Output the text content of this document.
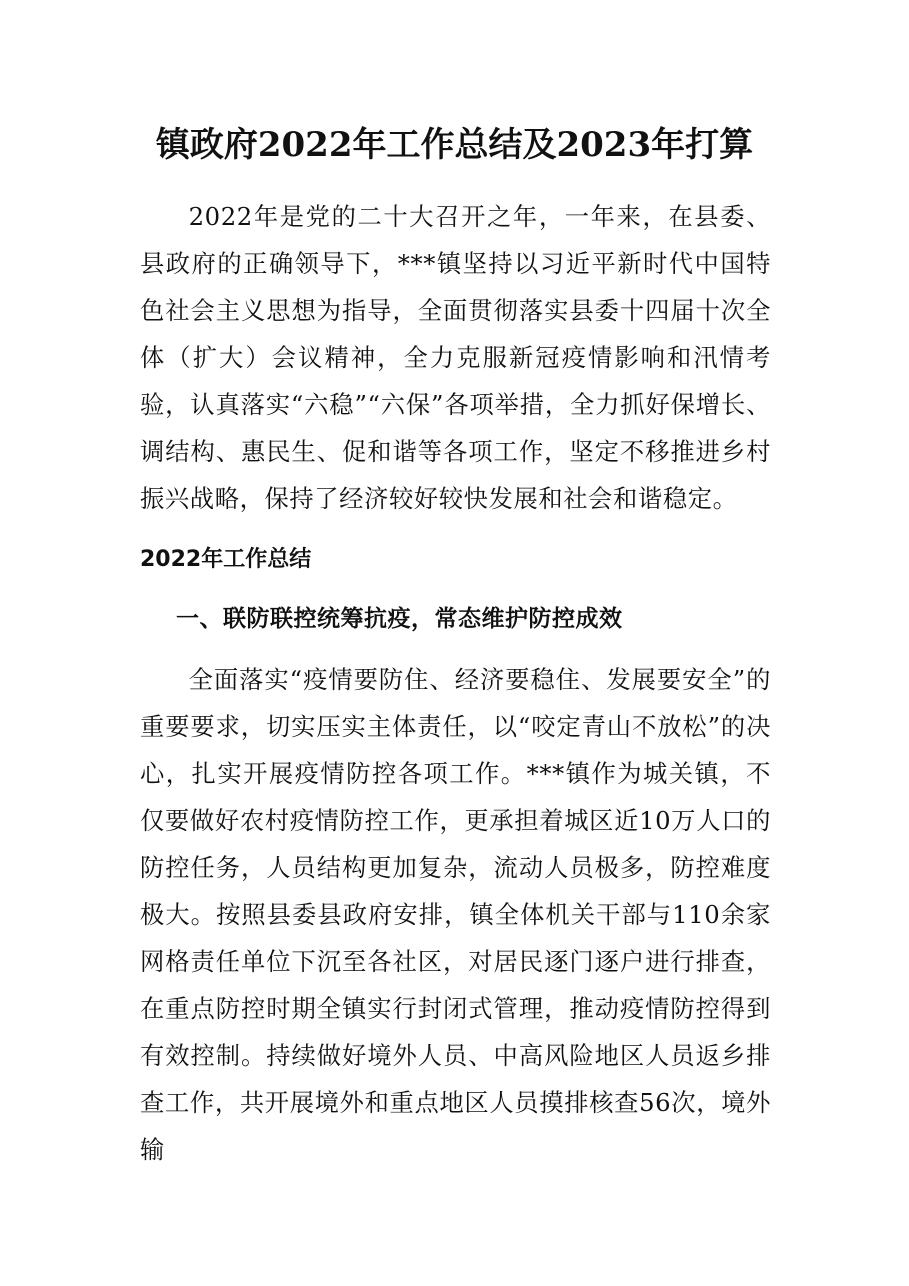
镇政府2022年工作总结及2023年打算

2022年是党的二十大召开之年，一年来，在县委、县政府的正确领导下，***镇坚持以习近平新时代中国特色社会主义思想为指导，全面贯彻落实县委十四届十次全体（扩大）会议精神，全力克服新冠疫情影响和汛情考验，认真落实“六稳”“六保”各项举措，全力抓好保增长、调结构、惠民生、促和谐等各项工作，坚定不移推进乡村振兴战略，保持了经济较好较快发展和社会和谐稳定。

2022年工作总结
一、联防联控统筹抗疫，常态维护防控成效

全面落实“疫情要防住、经济要稳住、发展要安全”的重要要求，切实压实主体责任，以“咬定青山不放松”的决心，扎实开展疫情防控各项工作。***镇作为城关镇，不仅要做好农村疫情防控工作，更承担着城区近10万人口的防控任务，人员结构更加复杂，流动人员极多，防控难度极大。按照县委县政府安排，镇全体机关干部与110余家网格责任单位下沉至各社区，对居民逐门逐户进行排查，在重点防控时期全镇实行封闭式管理，推动疫情防控得到有效控制。持续做好境外人员、中高风险地区人员返乡排查工作，共开展境外和重点地区人员摸排核查56次，境外输
